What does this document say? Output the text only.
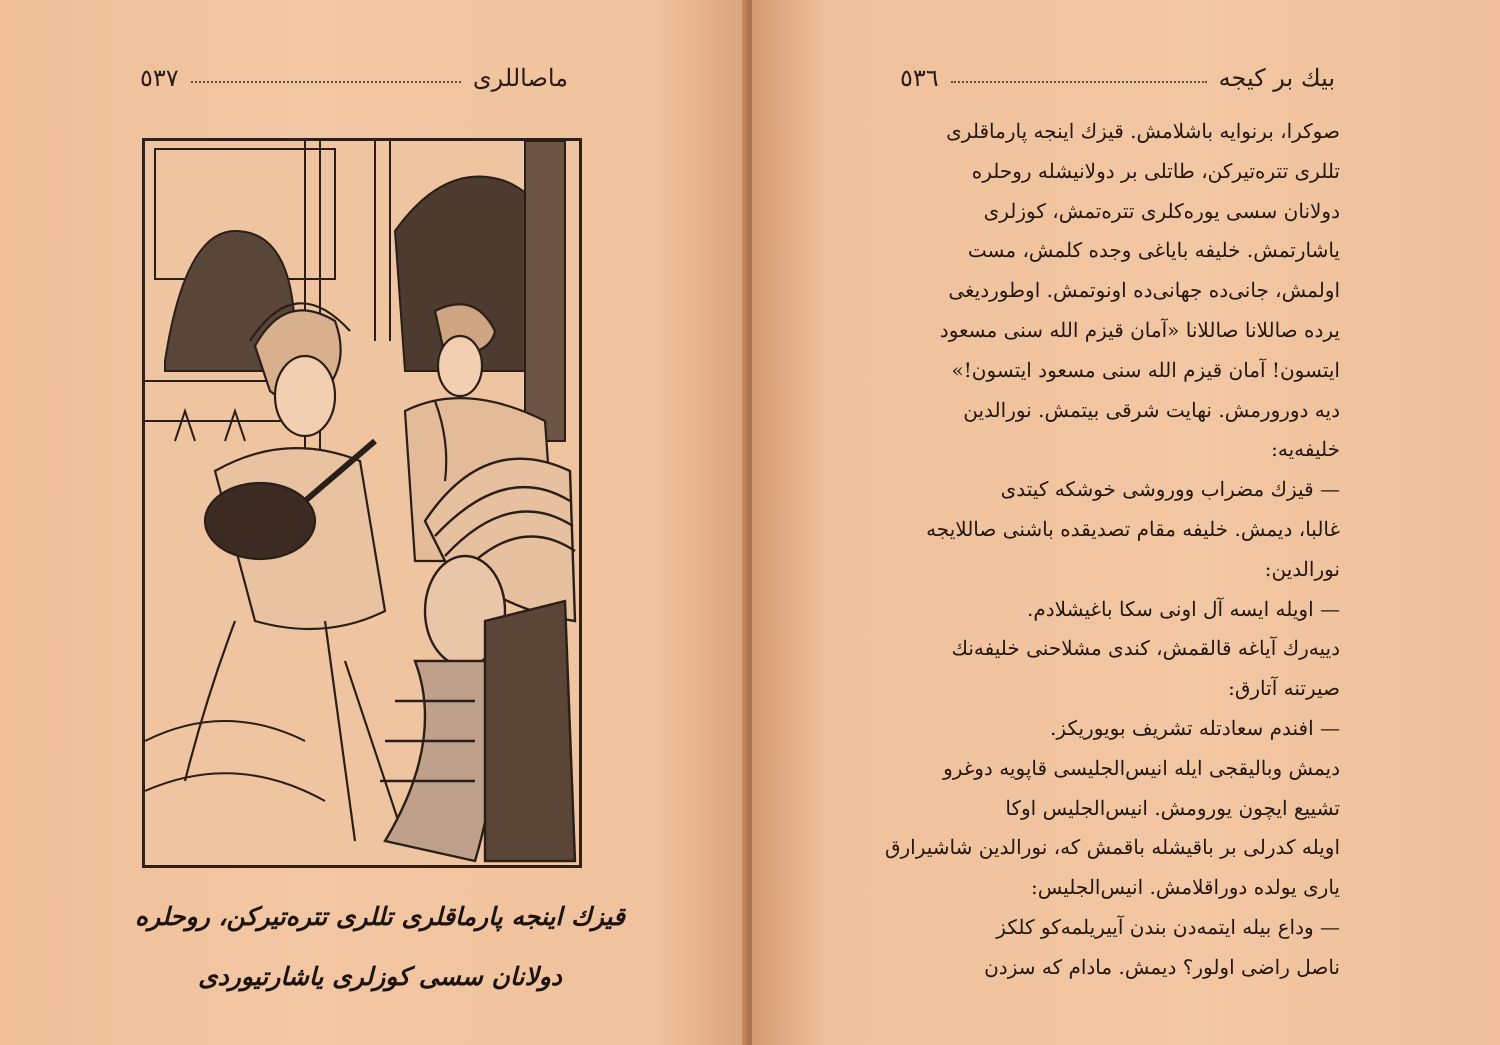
ماصاللری
٥٣٧
قیزك اینجه پارماقلری تللری تتره‌تیرکن، روحلره
دولانان سسی کوزلری یاشارتیوردی
بیك بر کیجه
٥٣٦
صوکرا، برنوایه باشلامش. قیزك اینجه پارماقلری
تللری تتره‌تیرکن، طاتلی بر دولانیشله روحلره
دولانان سسی یوره‌کلری تتره‌تمش، کوزلری
یاشارتمش. خلیفه بایاغی وجده کلمش، مست
اولمش، جانی‌ده جهانی‌ده اونوتمش. اوطوردیغی
یرده صاللانا صاللانا «آمان قیزم الله سنی مسعود
ایتسون! آمان قیزم الله سنی مسعود ایتسون!»
دیه دورورمش. نهایت شرقی بیتمش. نورالدین
خلیفه‌یه:
— قیزك مضراب ووروشی خوشکه کیتدی
غالبا، دیمش. خلیفه مقام تصدیقده باشنی صاللایجه
نورالدین:
— اویله ایسه آل اونی سکا باغیشلادم.
دییه‌رك آیاغه قالقمش، کندی مشلاحنی خلیفه‌نك
صیرتنه آتارق:
— افندم سعادتله تشریف بویوریکز.
دیمش وبالیقجی ایله انیس‌الجلیسی قاپویه دوغرو
تشییع ایچون یورومش. انیس‌الجلیس اوکا
اویله کدرلی بر باقیشله باقمش که، نورالدین شاشیرارق
یاری یولده دوراقلامش. انیس‌الجلیس:
— وداع بیله ایتمه‌دن بندن آییریلمه‌کو کلکز
ناصل راضی اولور؟ دیمش. مادام که سزدن
